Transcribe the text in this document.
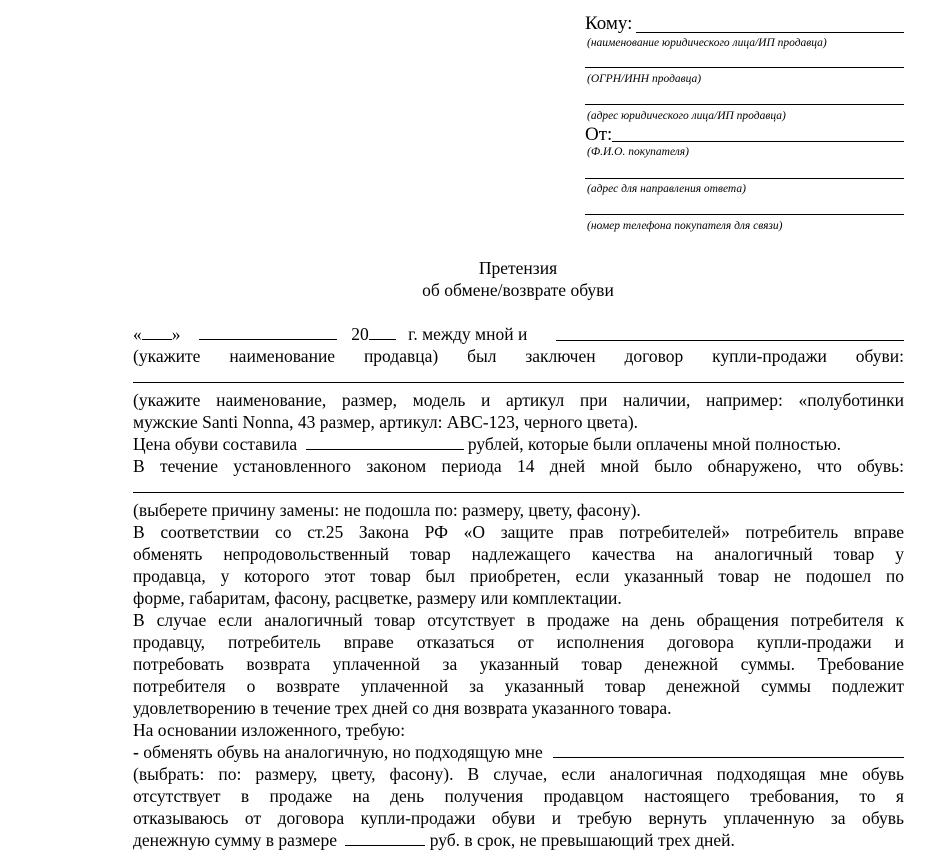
Кому:
(наименование юридического лица/ИП продавца)
(ОГРН/ИНН продавца)
(адрес юридического лица/ИП продавца)
От:
(Ф.И.О. покупателя)
(адрес для направления ответа)
(номер телефона покупателя для связи)
Претензия
об обмене/возврате обуви
« »	20 г. между мной и
(укажите наименование продавца) был заключен договор купли-продажи обуви:
(укажите наименование, размер, модель и артикул при наличии, например: «полуботинки
мужские Santi Nonna, 43 размер, артикул: АВС-123, черного цвета).
Цена обуви составила	рублей, которые были оплачены мной полностью.
В течение установленного законом периода 14 дней мной было обнаружено, что обувь:
(выберете причину замены: не подошла по: размеру, цвету, фасону).
В соответствии со ст.25 Закона РФ «О защите прав потребителей» потребитель вправе
обменять непродовольственный товар надлежащего качества на аналогичный товар у
продавца, у которого этот товар был приобретен, если указанный товар не подошел по
форме, габаритам, фасону, расцветке, размеру или комплектации.
В случае если аналогичный товар отсутствует в продаже на день обращения потребителя к
продавцу, потребитель вправе отказаться от исполнения договора купли-продажи и
потребовать возврата уплаченной за указанный товар денежной суммы. Требование
потребителя о возврате уплаченной за указанный товар денежной суммы подлежит
удовлетворению в течение трех дней со дня возврата указанного товара.
На основании изложенного, требую:
-
обменять обувь на аналогичную, но подходящую мне
(выбрать: по: размеру, цвету, фасону). В случае, если аналогичная подходящая мне обувь
отсутствует в продаже на день получения продавцом настоящего требования, то я
отказываюсь от договора купли-продажи обуви и требую вернуть уплаченную за обувь
денежную сумму в размере	руб. в срок, не превышающий трех дней.
